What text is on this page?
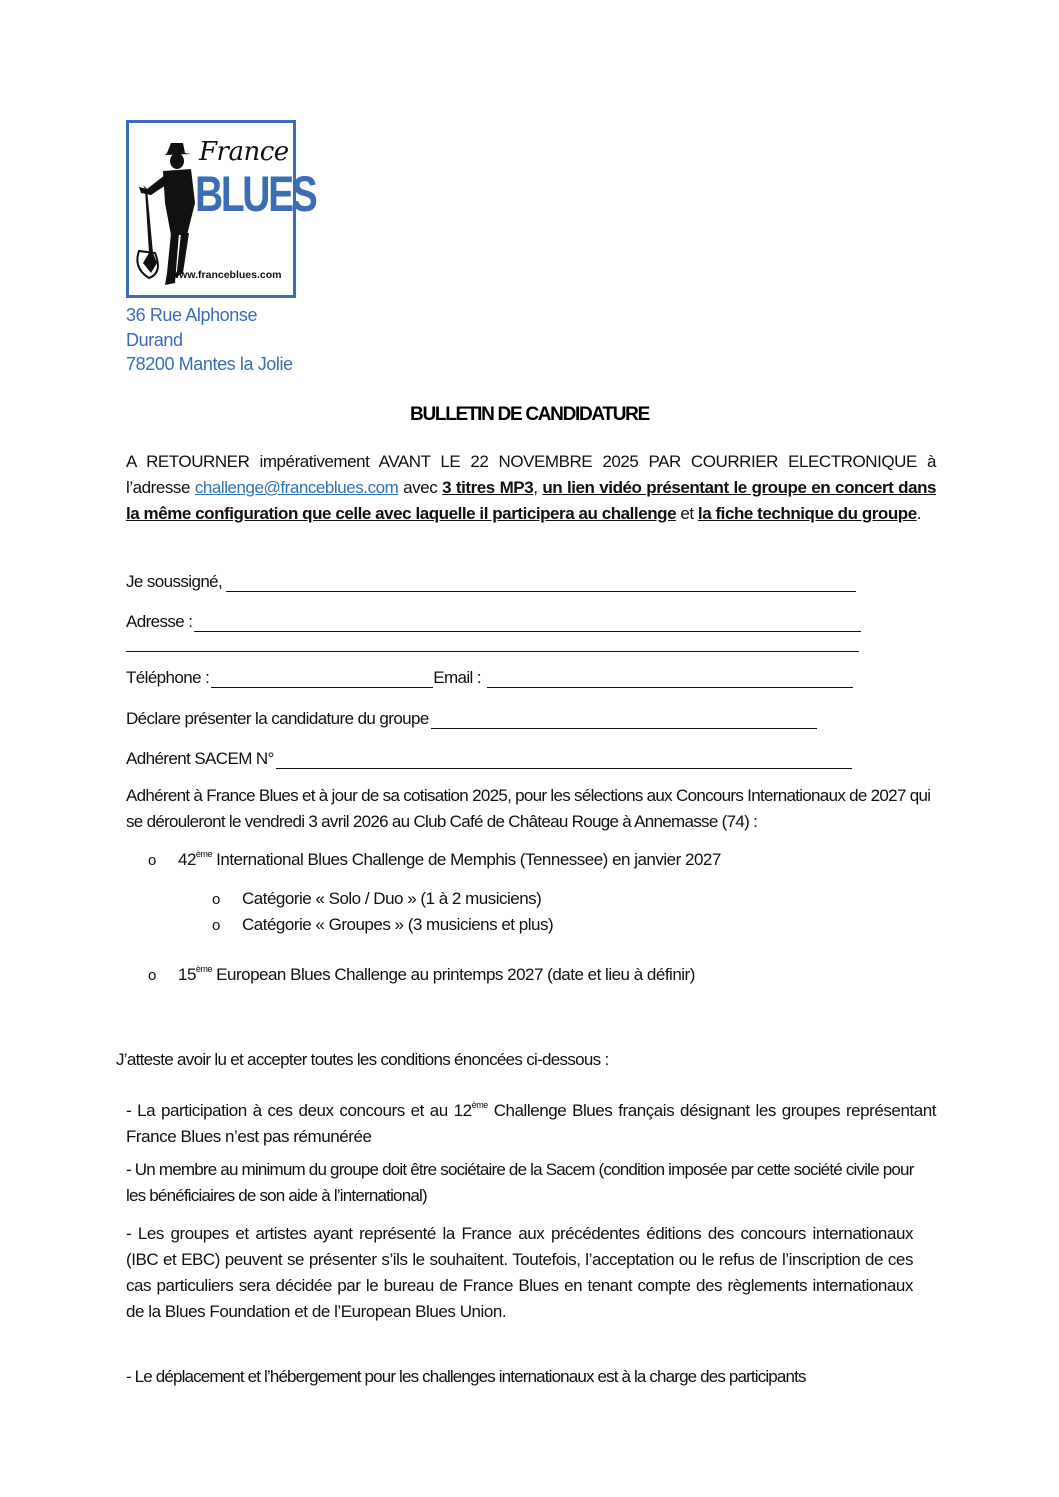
France
BLUES
www.franceblues.com
36 Rue Alphonse
Durand
78200 Mantes la Jolie
BULLETIN DE CANDIDATURE
A RETOURNER impérativement AVANT LE 22 NOVEMBRE 2025 PAR COURRIER ELECTRONIQUE à l’adresse challenge@franceblues.com avec 3 titres MP3, un lien vidéo présentant le groupe en concert dans la même configuration que celle avec laquelle il participera au challenge et la fiche technique du groupe.
Je soussigné,
Adresse :
Téléphone :	Email :
Déclare présenter la candidature du groupe
Adhérent SACEM N°
Adhérent à France Blues et à jour de sa cotisation 2025, pour les sélections aux Concours Internationaux de 2027 qui se dérouleront le vendredi 3 avril 2026 au Club Café de Château Rouge à Annemasse (74) :
o 42ème International Blues Challenge de Memphis (Tennessee) en janvier 2027
o Catégorie « Solo / Duo » (1 à 2 musiciens)
o Catégorie « Groupes » (3 musiciens et plus)
o 15ème European Blues Challenge au printemps 2027 (date et lieu à définir)
J’atteste avoir lu et accepter toutes les conditions énoncées ci-dessous :
- La participation à ces deux concours et au 12ème Challenge Blues français désignant les groupes représentant France Blues n’est pas rémunérée
- Un membre au minimum du groupe doit être sociétaire de la Sacem (condition imposée par cette société civile pour les bénéficiaires de son aide à l’international)
- Les groupes et artistes ayant représenté la France aux précédentes éditions des concours internationaux (IBC et EBC) peuvent se présenter s’ils le souhaitent. Toutefois, l’acceptation ou le refus de l’inscription de ces cas particuliers sera décidée par le bureau de France Blues en tenant compte des règlements internationaux de la Blues Foundation et de l’European Blues Union.
- Le déplacement et l’hébergement pour les challenges internationaux est à la charge des participants
